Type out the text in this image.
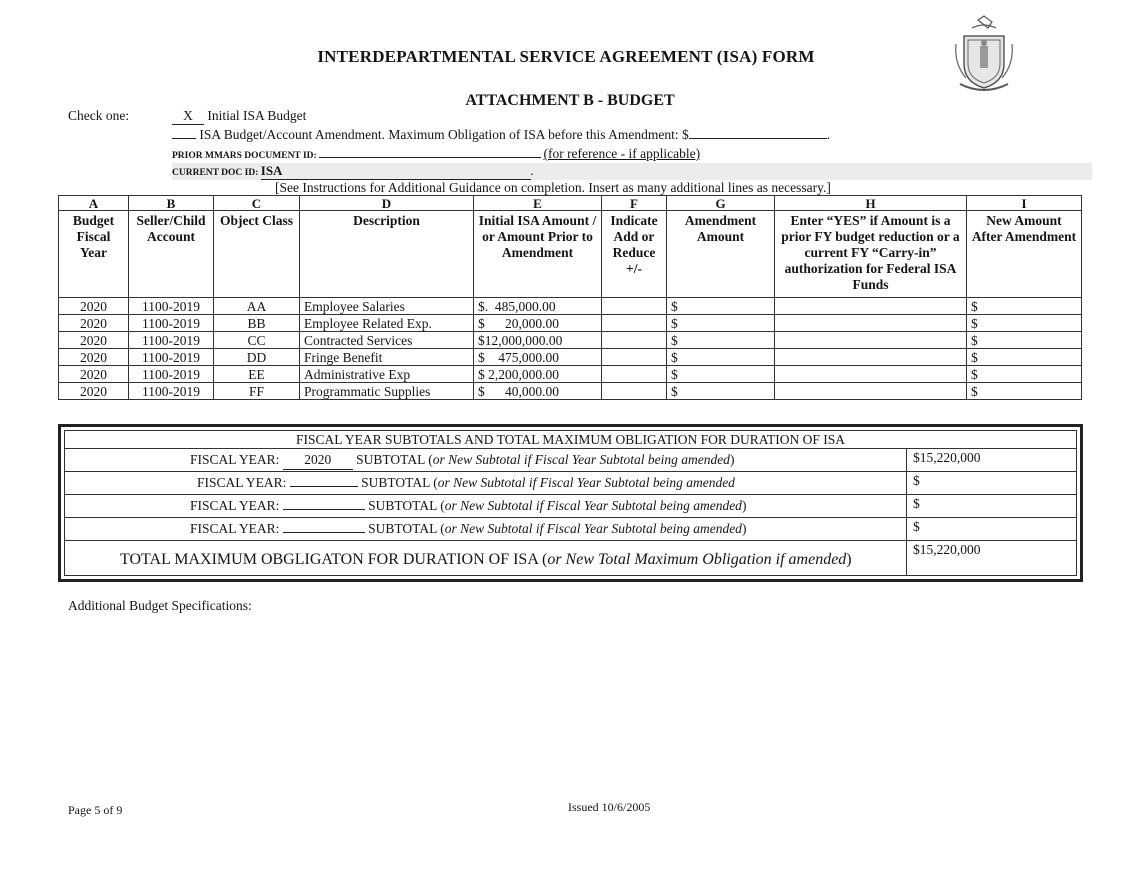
INTERDEPARTMENTAL SERVICE AGREEMENT (ISA) FORM
ATTACHMENT B - BUDGET
Check one:	X Initial ISA Budget
ISA Budget/Account Amendment. Maximum Obligation of ISA before this Amendment: $	.
PRIOR MMARS DOCUMENT ID:	(for reference - if applicable)
CURRENT DOC ID: ISA	.
[See Instructions for Additional Guidance on completion. Insert as many additional lines as necessary.]
A	B	C	D	E	F	G	H	I
Budget Fiscal Year	Seller/Child Account	Object Class	Description	Initial ISA Amount / or Amount Prior to Amendment	Indicate Add or Reduce +/-	Amendment Amount	Enter “YES” if Amount is a prior FY budget reduction or a current FY “Carry-in” authorization for Federal ISA Funds	New Amount After Amendment
2020	1100-2019	AA	Employee Salaries	$.  485,000.00		$		$
2020	1100-2019	BB	Employee Related Exp.	$      20,000.00		$		$
2020	1100-2019	CC	Contracted Services	$12,000,000.00		$		$
2020	1100-2019	DD	Fringe Benefit	$    475,000.00		$		$
2020	1100-2019	EE	Administrative Exp	$ 2,200,000.00		$		$
2020	1100-2019	FF	Programmatic Supplies	$      40,000.00		$		$
FISCAL YEAR SUBTOTALS AND TOTAL MAXIMUM OBLIGATION FOR DURATION OF ISA
FISCAL YEAR: 2020 SUBTOTAL (or New Subtotal if Fiscal Year Subtotal being amended)	$15,220,000
FISCAL YEAR:	SUBTOTAL (or New Subtotal if Fiscal Year Subtotal being amended	$
FISCAL YEAR:	SUBTOTAL (or New Subtotal if Fiscal Year Subtotal being amended)	$
FISCAL YEAR:	SUBTOTAL (or New Subtotal if Fiscal Year Subtotal being amended)	$
TOTAL MAXIMUM OBGLIGATON FOR DURATION OF ISA (or New Total Maximum Obligation if amended)
$15,220,000
Additional Budget Specifications:
Page 5 of 9	Issued 10/6/2005
